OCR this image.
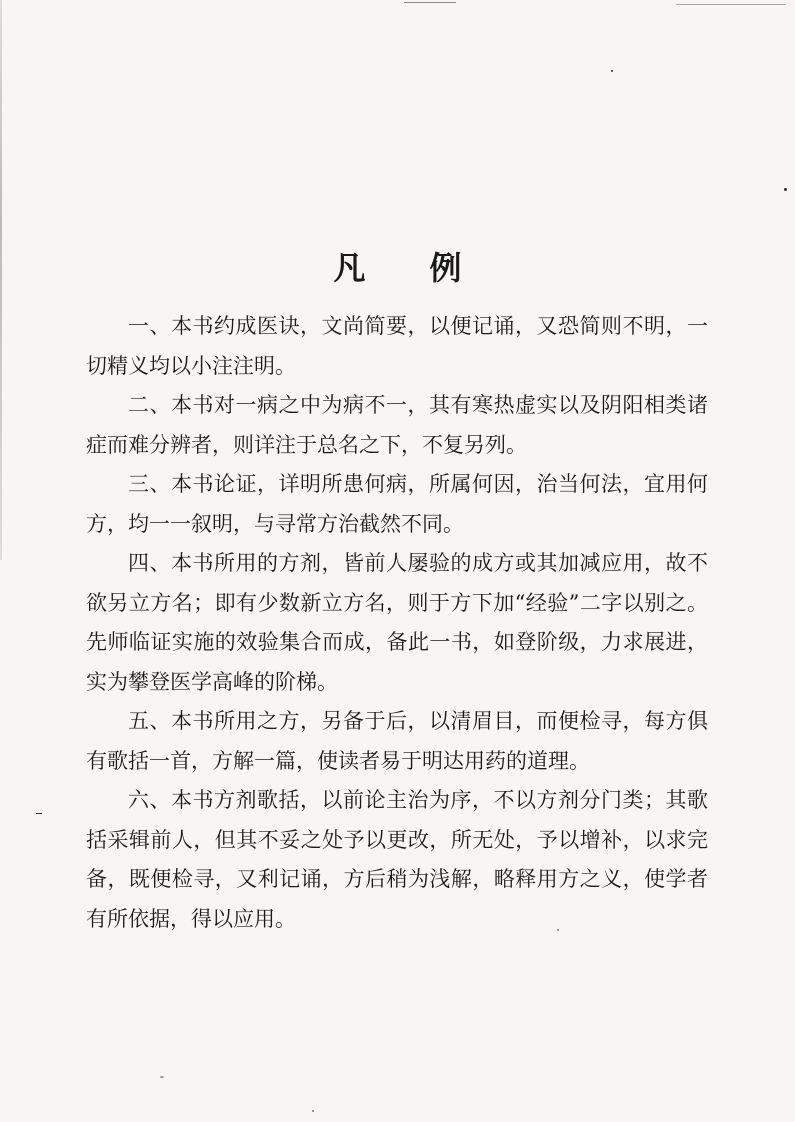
凡 例

一、本书约成医诀，文尚简要，以便记诵，又恐简则不明，一切精义均以小注注明。

二、本书对一病之中为病不一，其有寒热虚实以及阴阳相类诸症而难分辨者，则详注于总名之下，不复另列。

三、本书论证，详明所患何病，所属何因，治当何法，宜用何方，均一一叙明，与寻常方治截然不同。

四、本书所用的方剂，皆前人屡验的成方或其加减应用，故不欲另立方名；即有少数新立方名，则于方下加“经验”二字以别之。先师临证实施的效验集合而成，备此一书，如登阶级，力求展进，实为攀登医学高峰的阶梯。

五、本书所用之方，另备于后，以清眉目，而便检寻，每方俱有歌括一首，方解一篇，使读者易于明达用药的道理。

六、本书方剂歌括，以前论主治为序，不以方剂分门类；其歌括采辑前人，但其不妥之处予以更改，所无处，予以增补，以求完备，既便检寻，又利记诵，方后稍为浅解，略释用方之义，使学者有所依据，得以应用。
